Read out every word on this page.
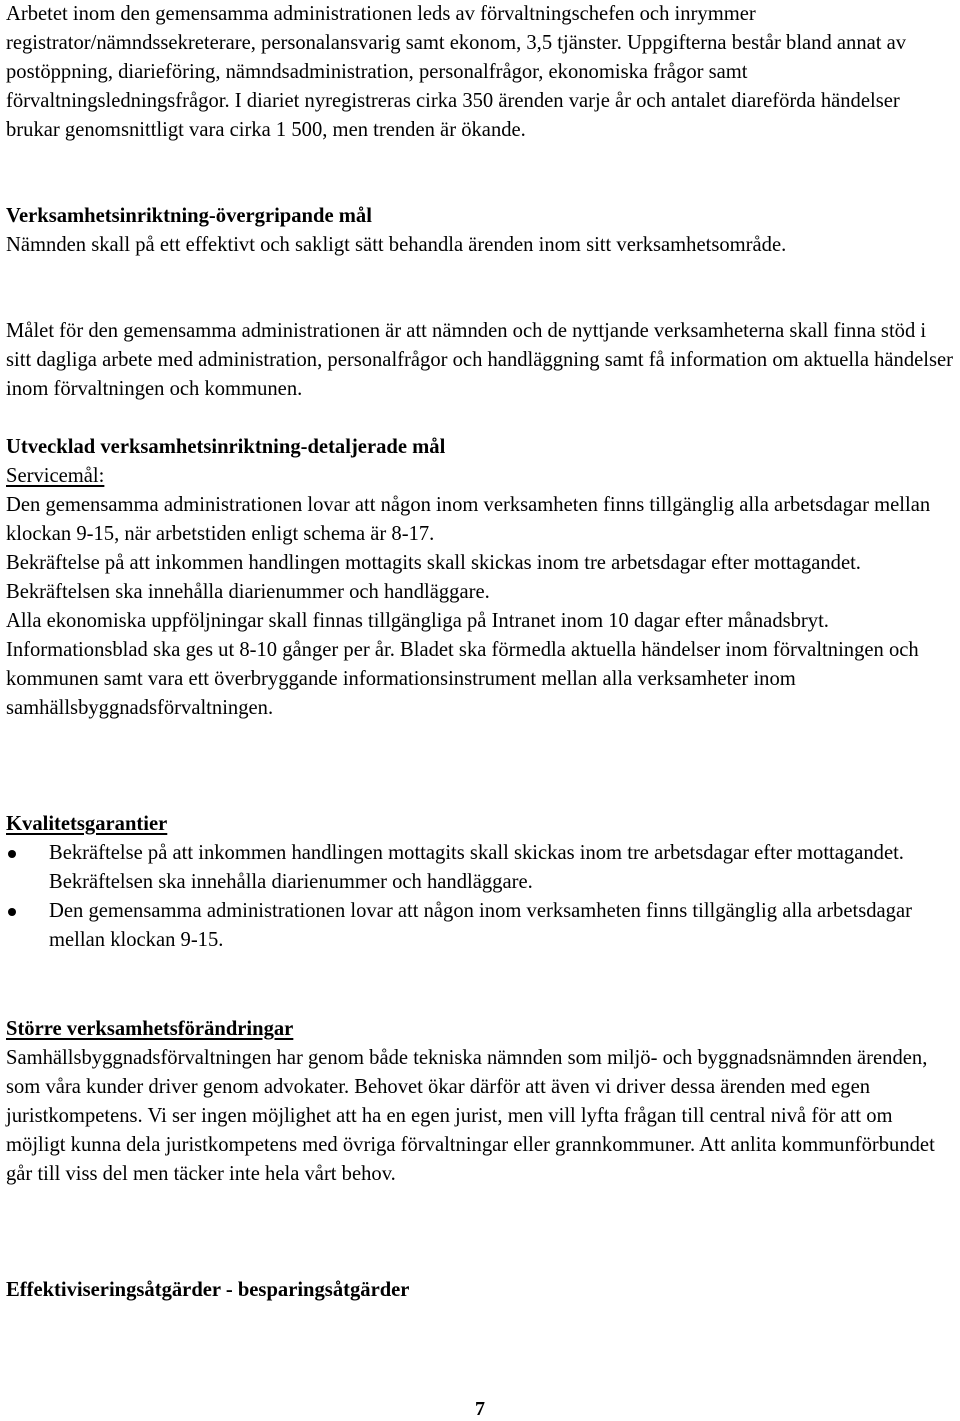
Arbetet inom den gemensamma administrationen leds av förvaltningschefen och inrymmer registrator/nämndssekreterare, personalansvarig samt ekonom, 3,5 tjänster. Uppgifterna består bland annat av postöppning, diarieföring, nämndsadministration, personalfrågor, ekonomiska frågor samt förvaltningsledningsfrågor. I diariet nyregistreras cirka 350 ärenden varje år och antalet diareförda händelser brukar genomsnittligt vara cirka 1 500, men trenden är ökande.

Verksamhetsinriktning-övergripande mål

Nämnden skall på ett effektivt och sakligt sätt behandla ärenden inom sitt verksamhetsområde.

Målet för den gemensamma administrationen är att nämnden och de nyttjande verksamheterna skall finna stöd i sitt dagliga arbete med administration, personalfrågor och handläggning samt få information om aktuella händelser inom förvaltningen och kommunen.

Utvecklad verksamhetsinriktning-detaljerade mål

Servicemål:

Den gemensamma administrationen lovar att någon inom verksamheten finns tillgänglig alla arbetsdagar mellan klockan 9-15, när arbetstiden enligt schema är 8-17.

Bekräftelse på att inkommen handlingen mottagits skall skickas inom tre arbetsdagar efter mottagandet. Bekräftelsen ska innehålla diarienummer och handläggare.

Alla ekonomiska uppföljningar skall finnas tillgängliga på Intranet inom 10 dagar efter månadsbryt.

Informationsblad ska ges ut 8-10 gånger per år. Bladet ska förmedla aktuella händelser inom förvaltningen och kommunen samt vara ett överbryggande informationsinstrument mellan alla verksamheter inom samhällsbyggnadsförvaltningen.

Kvalitetsgarantier

Bekräftelse på att inkommen handlingen mottagits skall skickas inom tre arbetsdagar efter mottagandet. Bekräftelsen ska innehålla diarienummer och handläggare.
Den gemensamma administrationen lovar att någon inom verksamheten finns tillgänglig alla arbetsdagar mellan klockan 9-15.

Större verksamhetsförändringar

Samhällsbyggnadsförvaltningen har genom både tekniska nämnden som miljö- och byggnadsnämnden ärenden, som våra kunder driver genom advokater. Behovet ökar därför att även vi driver dessa ärenden med egen juristkompetens. Vi ser ingen möjlighet att ha en egen jurist, men vill lyfta frågan till central nivå för att om möjligt kunna dela juristkompetens med övriga förvaltningar eller grannkommuner. Att anlita kommunförbundet går till viss del men täcker inte hela vårt behov.

Effektiviseringsåtgärder - besparingsåtgärder

7
